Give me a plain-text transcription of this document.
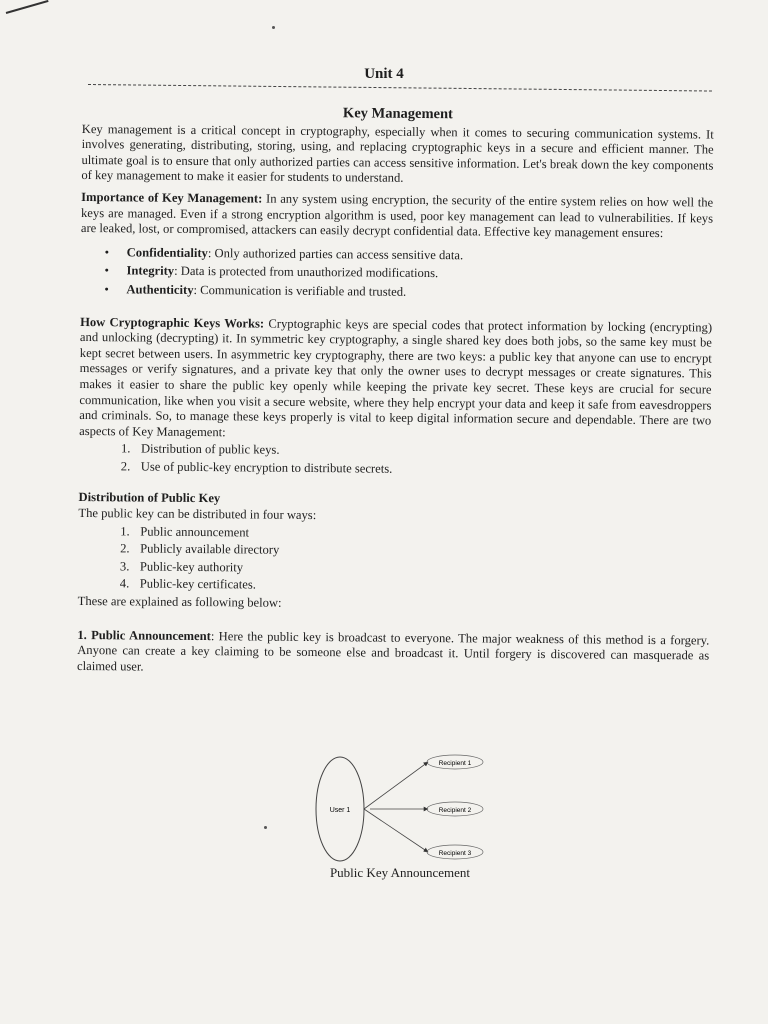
Unit 4

Key Management

Key management is a critical concept in cryptography, especially when it comes to securing communication systems. It involves generating, distributing, storing, using, and replacing cryptographic keys in a secure and efficient manner. The ultimate goal is to ensure that only authorized parties can access sensitive information. Let's break down the key components of key management to make it easier for students to understand.

Importance of Key Management: In any system using encryption, the security of the entire system relies on how well the keys are managed. Even if a strong encryption algorithm is used, poor key management can lead to vulnerabilities. If keys are leaked, lost, or compromised, attackers can easily decrypt confidential data. Effective key management ensures:

• Confidentiality: Only authorized parties can access sensitive data.
• Integrity: Data is protected from unauthorized modifications.
• Authenticity: Communication is verifiable and trusted.

How Cryptographic Keys Works: Cryptographic keys are special codes that protect information by locking (encrypting) and unlocking (decrypting) it. In symmetric key cryptography, a single shared key does both jobs, so the same key must be kept secret between users. In asymmetric key cryptography, there are two keys: a public key that anyone can use to encrypt messages or verify signatures, and a private key that only the owner uses to decrypt messages or create signatures. This makes it easier to share the public key openly while keeping the private key secret. These keys are crucial for secure communication, like when you visit a secure website, where they help encrypt your data and keep it safe from eavesdroppers and criminals. So, to manage these keys properly is vital to keep digital information secure and dependable. There are two aspects of Key Management:

1. Distribution of public keys.
2. Use of public-key encryption to distribute secrets.

Distribution of Public Key

The public key can be distributed in four ways:

1. Public announcement
2. Publicly available directory
3. Public-key authority
4. Public-key certificates.

These are explained as following below:

1. Public Announcement: Here the public key is broadcast to everyone. The major weakness of this method is a forgery. Anyone can create a key claiming to be someone else and broadcast it. Until forgery is discovered can masquerade as claimed user.

User 1
Recipient 1
Recipient 2
Recipient 3
Public Key Announcement
